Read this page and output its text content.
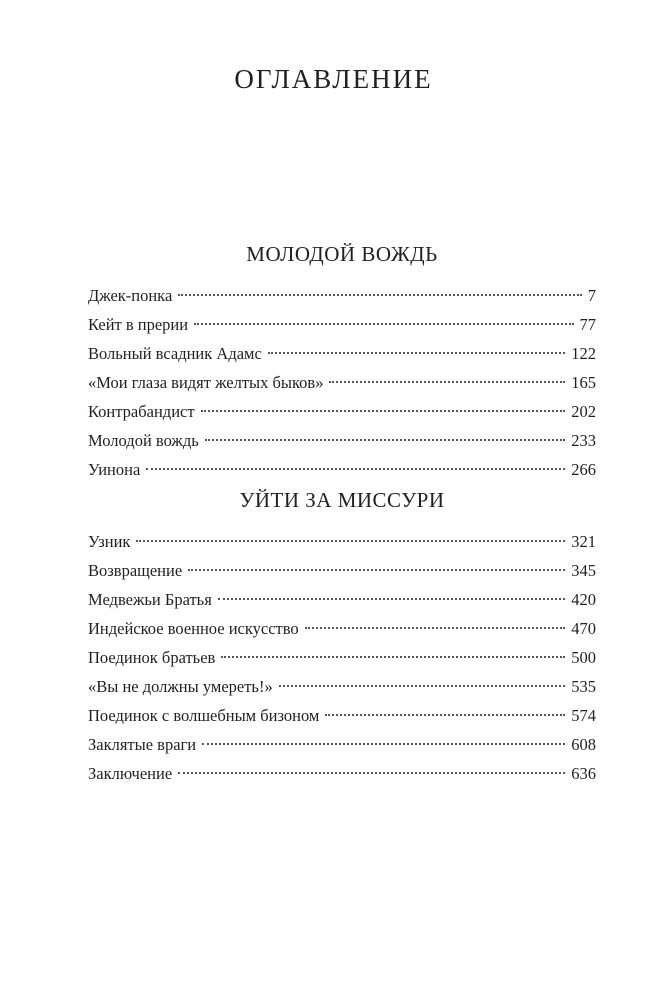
ОГЛАВЛЕНИЕ
МОЛОДОЙ ВОЖДЬ
Джек-понка	7
Кейт в прерии	77
Вольный всадник Адамс	122
«Мои глаза видят желтых быков»	165
Контрабандист	202
Молодой вождь	233
Уинона	266
УЙТИ ЗА МИССУРИ
Узник	321
Возвращение	345
Медвежьи Братья	420
Индейское военное искусство	470
Поединок братьев	500
«Вы не должны умереть!»	535
Поединок с волшебным бизоном	574
Заклятые враги	608
Заключение	636
